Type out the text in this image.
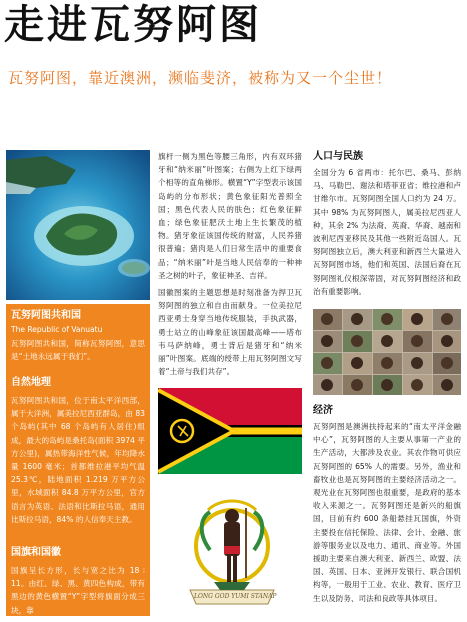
走进瓦努阿图
瓦努阿图，靠近澳洲，濒临斐济，被称为又一个尘世！
瓦努阿图共和国
The Republic of Vanuatu
瓦努阿图共和国，简称瓦努阿图，意思是“土地永远属于我们”。
自然地理
瓦努阿图共和国，位于南太平洋西部，属于大洋洲，属美拉尼西亚群岛，由 83 个岛屿(其中 68 个岛屿有人居住)组成，最大的岛屿是桑托岛(面积 3974 平方公里)，属热带海洋性气候，年均降水量 1600 毫米；首都维拉港平均气温 25.3℃，陆地面积 1.219 万平方公里，水域面积 84.8 万平方公里，官方语言为英语、法语和比斯拉马语，通用比斯拉马语，84% 的人信奉天主教。
国旗和国徽
国旗呈长方形，长与宽之比为 18 ∶ 11。由红、绿、黑、黄四色构成，带有黑边的黄色横置“Y”字型将旗面分成三块，靠
旗杆一侧为黑色等腰三角形，内有双环猪牙和“纳米丽”叶图案；右侧为上红下绿两个相等的直角梯形。横置“Y”字型表示该国岛屿的分布形状；黄色象征阳光普照全国；黑色代表人民的肤色；红色象征鲜血；绿色象征肥沃土地上生长繁茂的植物。猪牙象征该国传统的财富，人民养猪很普遍；猪肉是人们日常生活中的重要食品；“纳米丽”叶是当地人民信奉的一种神圣之树的叶子，象征神圣、吉祥。
国徽图案的主题思想是时刻准备为捍卫瓦努阿图的独立和自由而献身。一位美拉尼西亚勇士身穿当地传统服装，手执武器，勇士站立的山峰象征该国最高峰——塔布韦马萨纳峰，勇士背后是猪牙和“纳米丽”叶图案。底端的绶带上用瓦努阿图文写着“土帝与我们共存”。
LONG GOD YUMI STANAP
人口与民族
全国分为 6 省两市：托尔巴、桑马、彭纳马、马勒巴、谢法和塔菲亚省；维拉港和卢甘维尔市。瓦努阿图全国人口约为 24 万。其中 98% 为瓦努阿图人，属美拉尼西亚人种，其余 2% 为法裔、英裔、华裔、越南和波利尼西亚移民及其他一些附近岛国人。瓦努阿图独立后，澳大利亚和新西兰大量进入瓦努阿图市场，他们和英国、法国后裔在瓦努阿图礼仪根深蒂固，对瓦努阿图经济和政治有重要影响。
经济
瓦努阿图是澳洲扶持起来的“南太平洋金融中心”，瓦努阿图的人主要从事第一产业的生产活动，大都涉及农业。其农作物可供应瓦努阿图的 65% 人的需要。另外，渔业和畜牧业也是瓦努阿图的主要经济活动之一。观光业在瓦努阿图也很重要，是政府的基本收入来源之一。瓦努阿图还是新兴的船旗国，目前有约 600 条船悬挂瓦国旗，外资主要投在信托保险、法律、会计、金融、旅游等服务业以及电力、通讯、商业等。外国援助主要来自澳大利亚、新西兰、欧盟、法国、英国、日本、亚洲开发银行、联合国机构等，一般用于工业、农业、教育、医疗卫生以及防务、司法和良政等具体项目。
